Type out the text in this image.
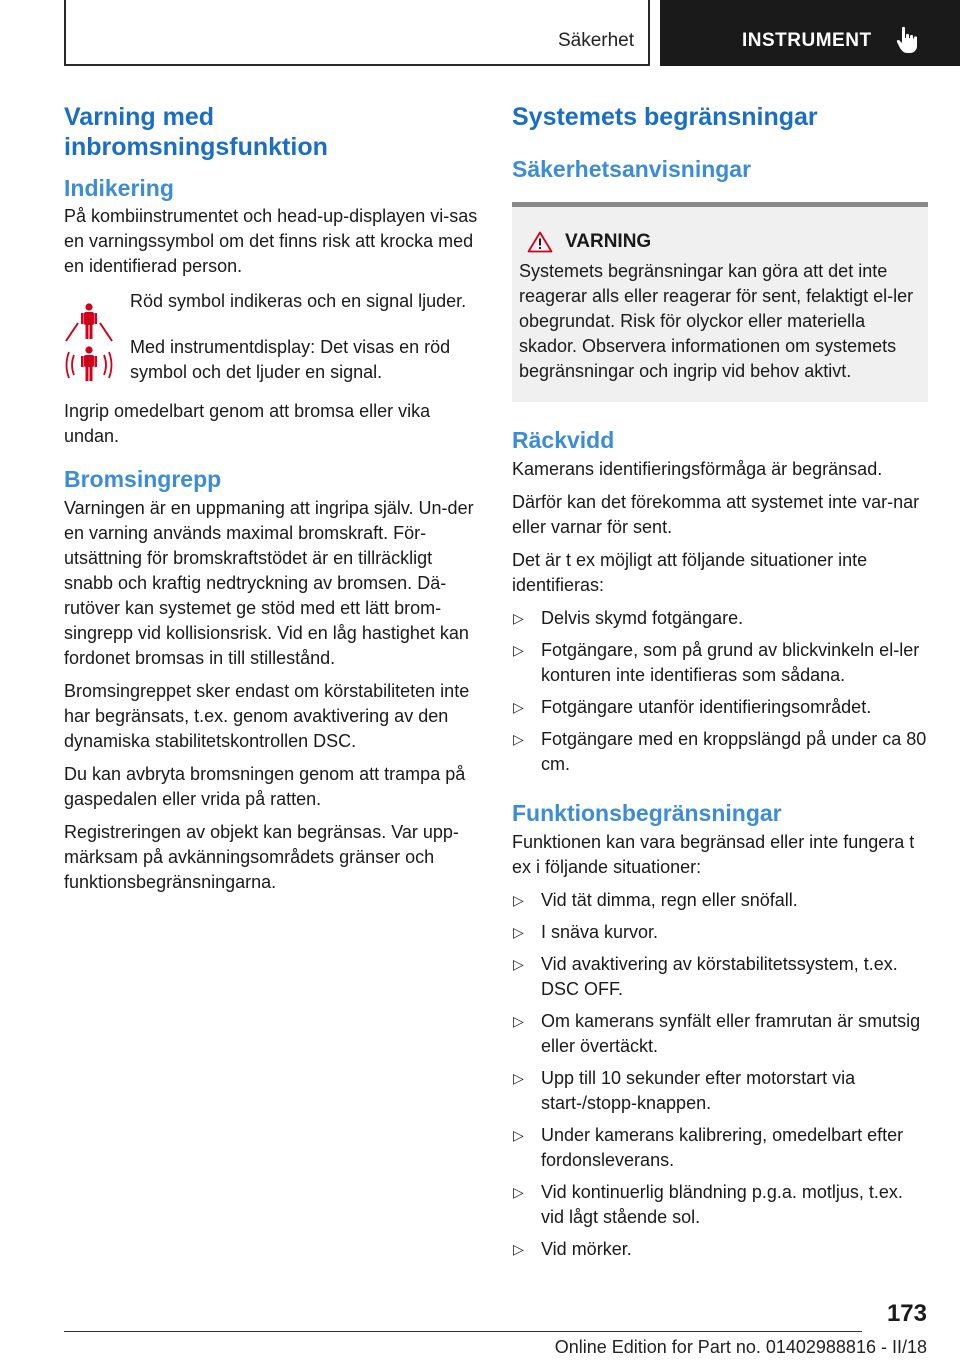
Säkerhet	INSTRUMENT
Varning med inbromsningsfunktion
Indikering

På kombiinstrumentet och head-up-displayen vi-sas en varningssymbol om det finns risk att krocka med en identifierad person.

Röd symbol indikeras och en signal ljuder.

Med instrumentdisplay: Det visas en röd symbol och det ljuder en signal.

Ingrip omedelbart genom att bromsa eller vika undan.

Bromsingrepp

Varningen är en uppmaning att ingripa själv. Un-der en varning används maximal bromskraft. För-utsättning för bromskraftstödet är en tillräckligt snabb och kraftig nedtryckning av bromsen. Dä-rutöver kan systemet ge stöd med ett lätt brom-singrepp vid kollisionsrisk. Vid en låg hastighet kan fordonet bromsas in till stillestånd.

Bromsingreppet sker endast om körstabiliteten inte har begränsats, t.ex. genom avaktivering av den dynamiska stabilitetskontrollen DSC.

Du kan avbryta bromsningen genom att trampa på gaspedalen eller vrida på ratten.

Registreringen av objekt kan begränsas. Var upp-märksam på avkänningsområdets gränser och funktionsbegränsningarna.

Systemets begränsningar
Säkerhetsanvisningar
VARNING

Systemets begränsningar kan göra att det inte reagerar alls eller reagerar för sent, felaktigt el-ler obegrundat. Risk för olyckor eller materiella skador. Observera informationen om systemets begränsningar och ingrip vid behov aktivt.

Räckvidd

Kamerans identifieringsförmåga är begränsad.

Därför kan det förekomma att systemet inte var-nar eller varnar för sent.

Det är t ex möjligt att följande situationer inte identifieras:

▷ Delvis skymd fotgängare.
▷ Fotgängare, som på grund av blickvinkeln el-ler konturen inte identifieras som sådana.
▷ Fotgängare utanför identifieringsområdet.
▷ Fotgängare med en kroppslängd på under ca 80 cm.
Funktionsbegränsningar

Funktionen kan vara begränsad eller inte fungera t ex i följande situationer:

▷ Vid tät dimma, regn eller snöfall.
▷ I snäva kurvor.
▷ Vid avaktivering av körstabilitetssystem, t.ex. DSC OFF.
▷ Om kamerans synfält eller framrutan är smutsig eller övertäckt.
▷ Upp till 10 sekunder efter motorstart via start-/stopp-knappen.
▷ Under kamerans kalibrering, omedelbart efter fordonsleverans.
▷ Vid kontinuerlig bländning p.g.a. motljus, t.ex. vid lågt stående sol.
▷ Vid mörker.
173
Online Edition for Part no. 01402988816 - II/18
